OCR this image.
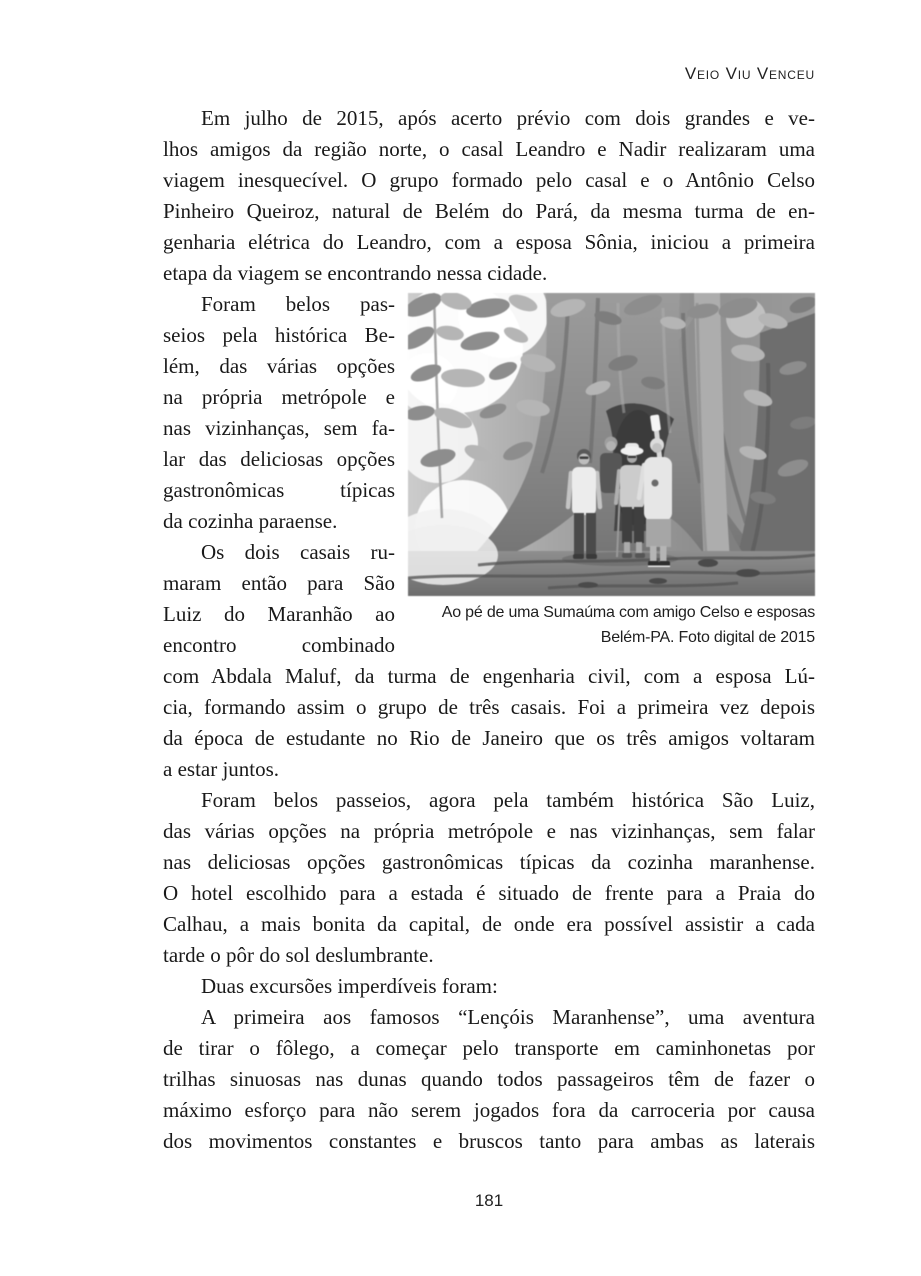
Veio Viu Venceu
Em julho de 2015, após acerto prévio com dois grandes e ve-
lhos amigos da região norte, o casal Leandro e Nadir realizaram uma
viagem inesquecível. O grupo formado pelo casal e o Antônio Celso
Pinheiro Queiroz, natural de Belém do Pará, da mesma turma de en-
genharia elétrica do Leandro, com a esposa Sônia, iniciou a primeira
etapa da viagem se encontrando nessa cidade.
Ao pé de uma Sumaúma com amigo Celso e esposas
Belém-PA. Foto digital de 2015
Foram belos pas-
seios pela histórica Be-
lém, das várias opções
na própria metrópole e
nas vizinhanças, sem fa-
lar das deliciosas opções
gastronômicas típicas
da cozinha paraense.
Os dois casais ru-
maram então para São
Luiz do Maranhão ao
encontro combinado
com Abdala Maluf, da turma de engenharia civil, com a esposa Lú-
cia, formando assim o grupo de três casais. Foi a primeira vez depois
da época de estudante no Rio de Janeiro que os três amigos voltaram
a estar juntos.
Foram belos passeios, agora pela também histórica São Luiz,
das várias opções na própria metrópole e nas vizinhanças, sem falar
nas deliciosas opções gastronômicas típicas da cozinha maranhense.
O hotel escolhido para a estada é situado de frente para a Praia do
Calhau, a mais bonita da capital, de onde era possível assistir a cada
tarde o pôr do sol deslumbrante.
Duas excursões imperdíveis foram:
A primeira aos famosos “Lençóis Maranhense”, uma aventura
de tirar o fôlego, a começar pelo transporte em caminhonetas por
trilhas sinuosas nas dunas quando todos passageiros têm de fazer o
máximo esforço para não serem jogados fora da carroceria por causa
dos movimentos constantes e bruscos tanto para ambas as laterais
181
